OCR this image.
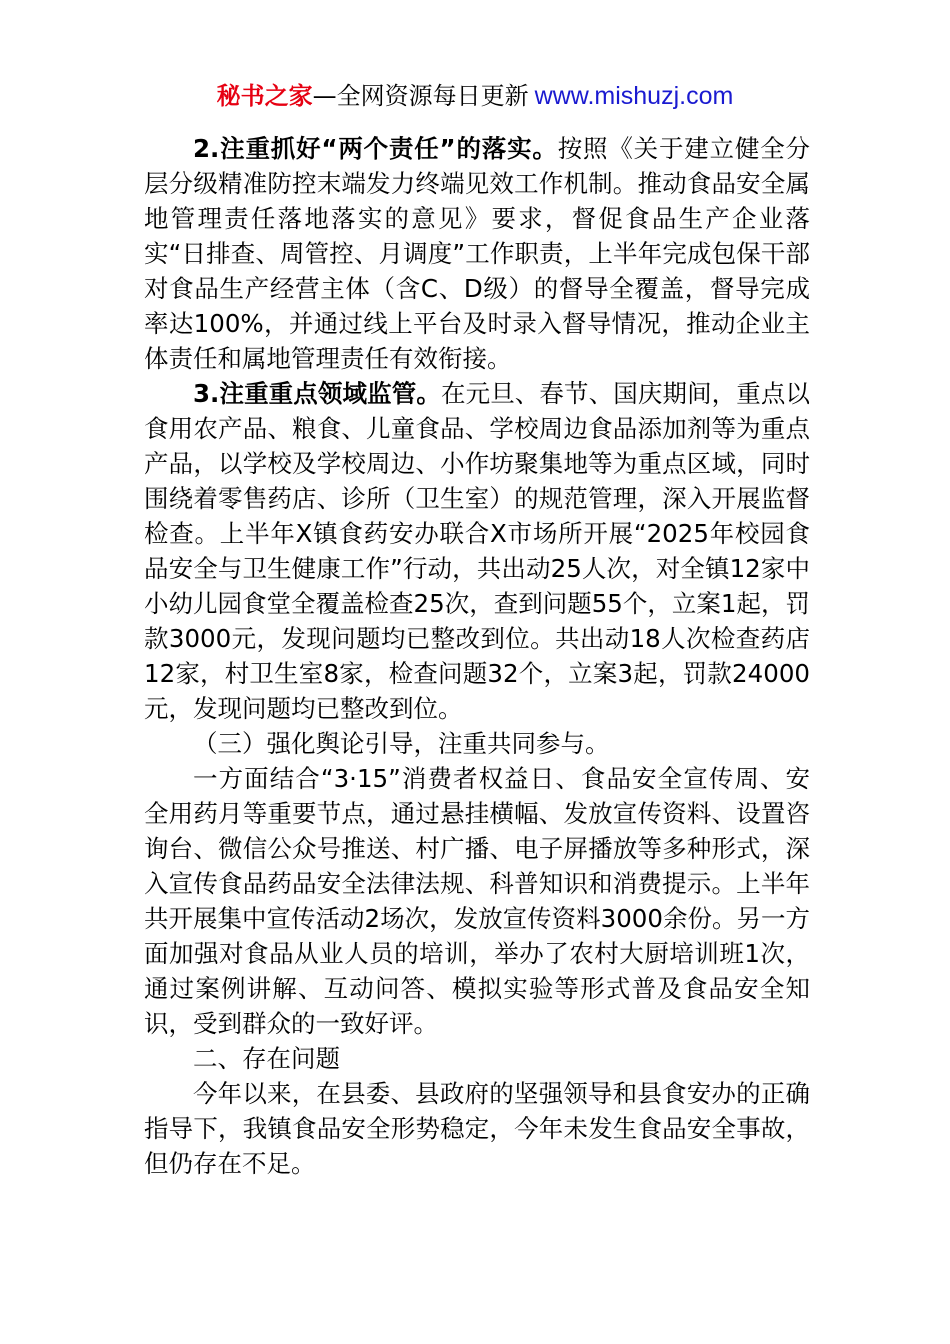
秘书之家—全网资源每日更新 www.mishuzj.com

2.注重抓好“两个责任”的落实。按照《关于建立健全分层分级精准防控末端发力终端见效工作机制。推动食品安全属地管理责任落地落实的意见》要求，督促食品生产企业落实“日排查、周管控、月调度”工作职责，上半年完成包保干部对食品生产经营主体（含C、D级）的督导全覆盖，督导完成率达100%，并通过线上平台及时录入督导情况，推动企业主体责任和属地管理责任有效衔接。

3.注重重点领域监管。在元旦、春节、国庆期间，重点以食用农产品、粮食、儿童食品、学校周边食品添加剂等为重点产品，以学校及学校周边、小作坊聚集地等为重点区域，同时围绕着零售药店、诊所（卫生室）的规范管理，深入开展监督检查。上半年X镇食药安办联合X市场所开展“2025年校园食品安全与卫生健康工作”行动，共出动25人次，对全镇12家中小幼儿园食堂全覆盖检查25次，查到问题55个，立案1起，罚款3000元，发现问题均已整改到位。共出动18人次检查药店12家，村卫生室8家，检查问题32个，立案3起，罚款24000元，发现问题均已整改到位。

（三）强化舆论引导，注重共同参与。

一方面结合“3·15”消费者权益日、食品安全宣传周、安全用药月等重要节点，通过悬挂横幅、发放宣传资料、设置咨询台、微信公众号推送、村广播、电子屏播放等多种形式，深入宣传食品药品安全法律法规、科普知识和消费提示。上半年共开展集中宣传活动2场次，发放宣传资料3000余份。另一方面加强对食品从业人员的培训，举办了农村大厨培训班1次，通过案例讲解、互动问答、模拟实验等形式普及食品安全知识，受到群众的一致好评。

二、存在问题

今年以来，在县委、县政府的坚强领导和县食安办的正确指导下，我镇食品安全形势稳定，今年未发生食品安全事故，但仍存在不足。
